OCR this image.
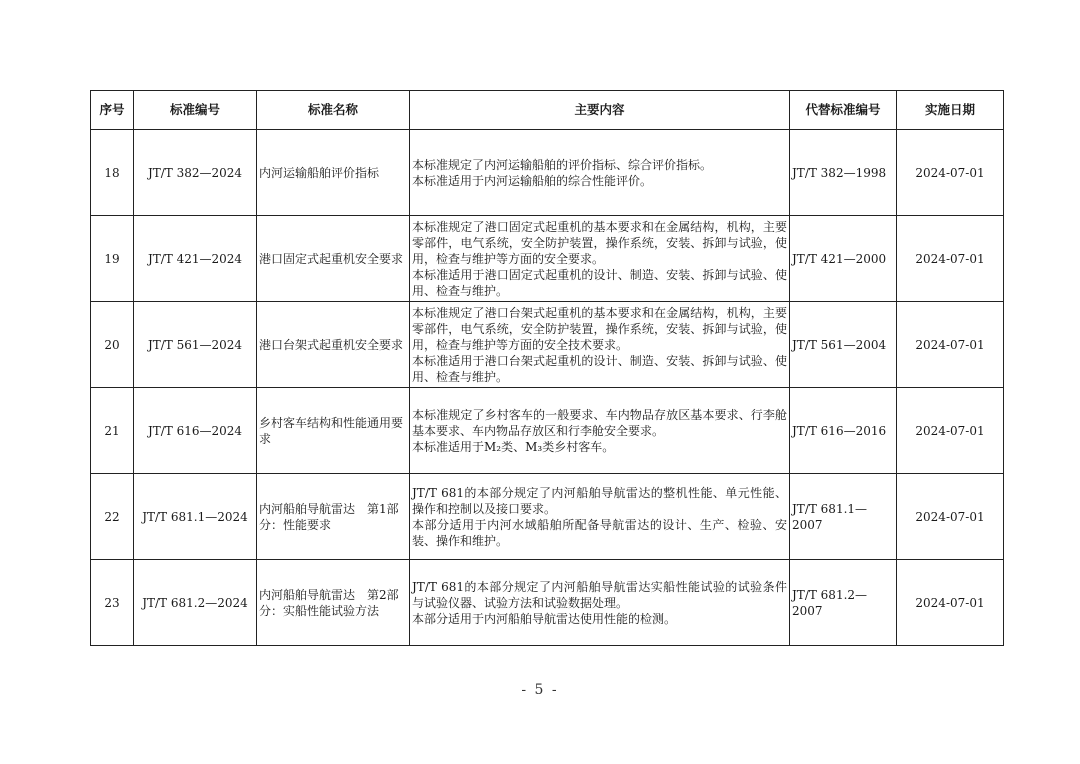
序号	标准编号	标准名称	主要内容	代替标准编号	实施日期
18	JT/T 382—2024	内河运输船舶评价指标	本标准规定了内河运输船舶的评价指标、综合评价指标。
本标准适用于内河运输船舶的综合性能评价。	JT/T 382—1998	2024-07-01
19	JT/T 421—2024	港口固定式起重机安全要求	本标准规定了港口固定式起重机的基本要求和在金属结构，机构，主要零部件，电气系统，安全防护装置，操作系统，安装、拆卸与试验，使用，检查与维护等方面的安全要求。
本标准适用于港口固定式起重机的设计、制造、安装、拆卸与试验、使用、检查与维护。	JT/T 421—2000	2024-07-01
20	JT/T 561—2024	港口台架式起重机安全要求	本标准规定了港口台架式起重机的基本要求和在金属结构，机构，主要零部件，电气系统，安全防护装置，操作系统，安装、拆卸与试验，使用，检查与维护等方面的安全技术要求。
本标准适用于港口台架式起重机的设计、制造、安装、拆卸与试验、使用、检查与维护。	JT/T 561—2004	2024-07-01
21	JT/T 616—2024	乡村客车结构和性能通用要求	本标准规定了乡村客车的一般要求、车内物品存放区基本要求、行李舱基本要求、车内物品存放区和行李舱安全要求。
本标准适用于M₂类、M₃类乡村客车。	JT/T 616—2016	2024-07-01
22	JT/T 681.1—2024	内河船舶导航雷达　第1部分：性能要求	JT/T 681的本部分规定了内河船舶导航雷达的整机性能、单元性能、操作和控制以及接口要求。
本部分适用于内河水域船舶所配备导航雷达的设计、生产、检验、安装、操作和维护。	JT/T 681.1—2007	2024-07-01
23	JT/T 681.2—2024	内河船舶导航雷达　第2部分：实船性能试验方法	JT/T 681的本部分规定了内河船舶导航雷达实船性能试验的试验条件与试验仪器、试验方法和试验数据处理。
本部分适用于内河船舶导航雷达使用性能的检测。	JT/T 681.2—2007	2024-07-01
- 5 -
